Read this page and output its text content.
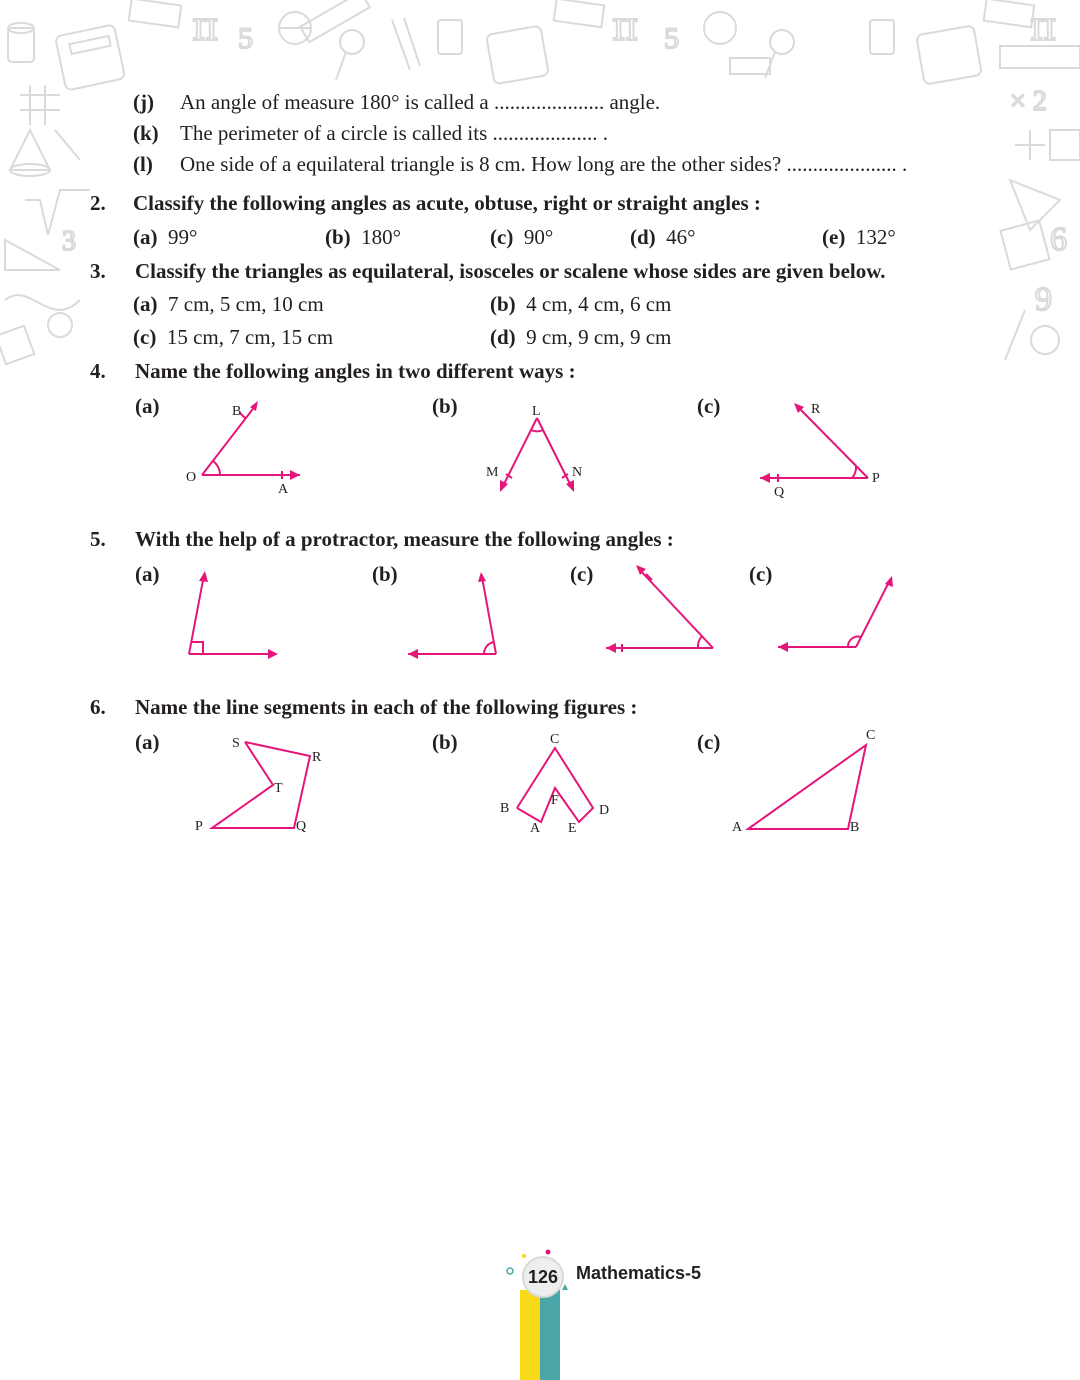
π 5	π 5	π
× 2
6
9
3
(j) An angle of measure 180° is called a ..................... angle.
(k) The perimeter of a circle is called its .................... .
(l) One side of a equilateral triangle is 8 cm. How long are the other sides? ..................... .
2. Classify the following angles as acute, obtuse, right or straight angles :
(a) 99°	(b) 180°	(c) 90°	(d) 46°	(e) 132°
3. Classify the triangles as equilateral, isosceles or scalene whose sides are given below.
(a) 7 cm, 5 cm, 10 cm	(b) 4 cm, 4 cm, 6 cm
(c) 15 cm, 7 cm, 15 cm	(d) 9 cm, 9 cm, 9 cm
4. Name the following angles in two different ways :
(a)	(b)	(c)
B
O
A
L
M	N
R
Q
P
5. With the help of a protractor, measure the following angles :
(a)	(b)	(c)	(c)
6. Name the line segments in each of the following figures :
(a)	(b)	(c)
S
R
T
P	Q
C
F
B	D
A E
C
A	B
126 Mathematics-5
